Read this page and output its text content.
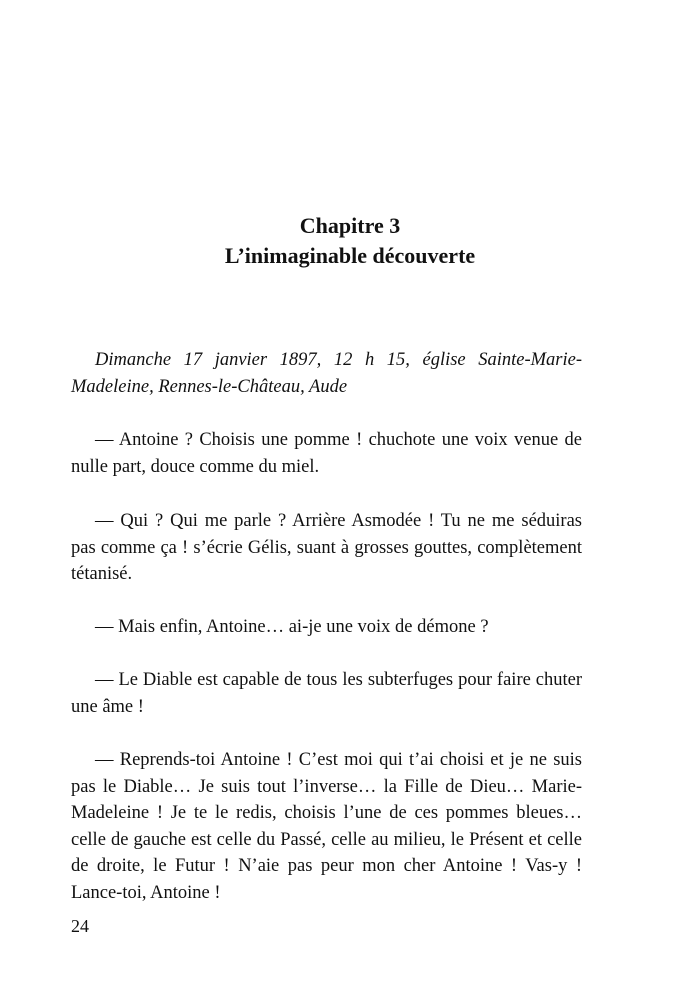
Chapitre 3
L’inimaginable découverte

Dimanche 17 janvier 1897, 12 h 15, église Sainte-Marie-Madeleine, Rennes-le-Château, Aude

— Antoine ? Choisis une pomme ! chuchote une voix venue de nulle part, douce comme du miel.

— Qui ? Qui me parle ? Arrière Asmodée ! Tu ne me séduiras pas comme ça ! s’écrie Gélis, suant à grosses gouttes, complètement tétanisé.

— Mais enfin, Antoine… ai-je une voix de démone ?

— Le Diable est capable de tous les subterfuges pour faire chuter une âme !

— Reprends-toi Antoine ! C’est moi qui t’ai choisi et je ne suis pas le Diable… Je suis tout l’inverse… la Fille de Dieu… Marie-Madeleine ! Je te le redis, choisis l’une de ces pommes bleues… celle de gauche est celle du Passé, celle au milieu, le Présent et celle de droite, le Futur ! N’aie pas peur mon cher Antoine ! Vas-y ! Lance-toi, Antoine !

24
